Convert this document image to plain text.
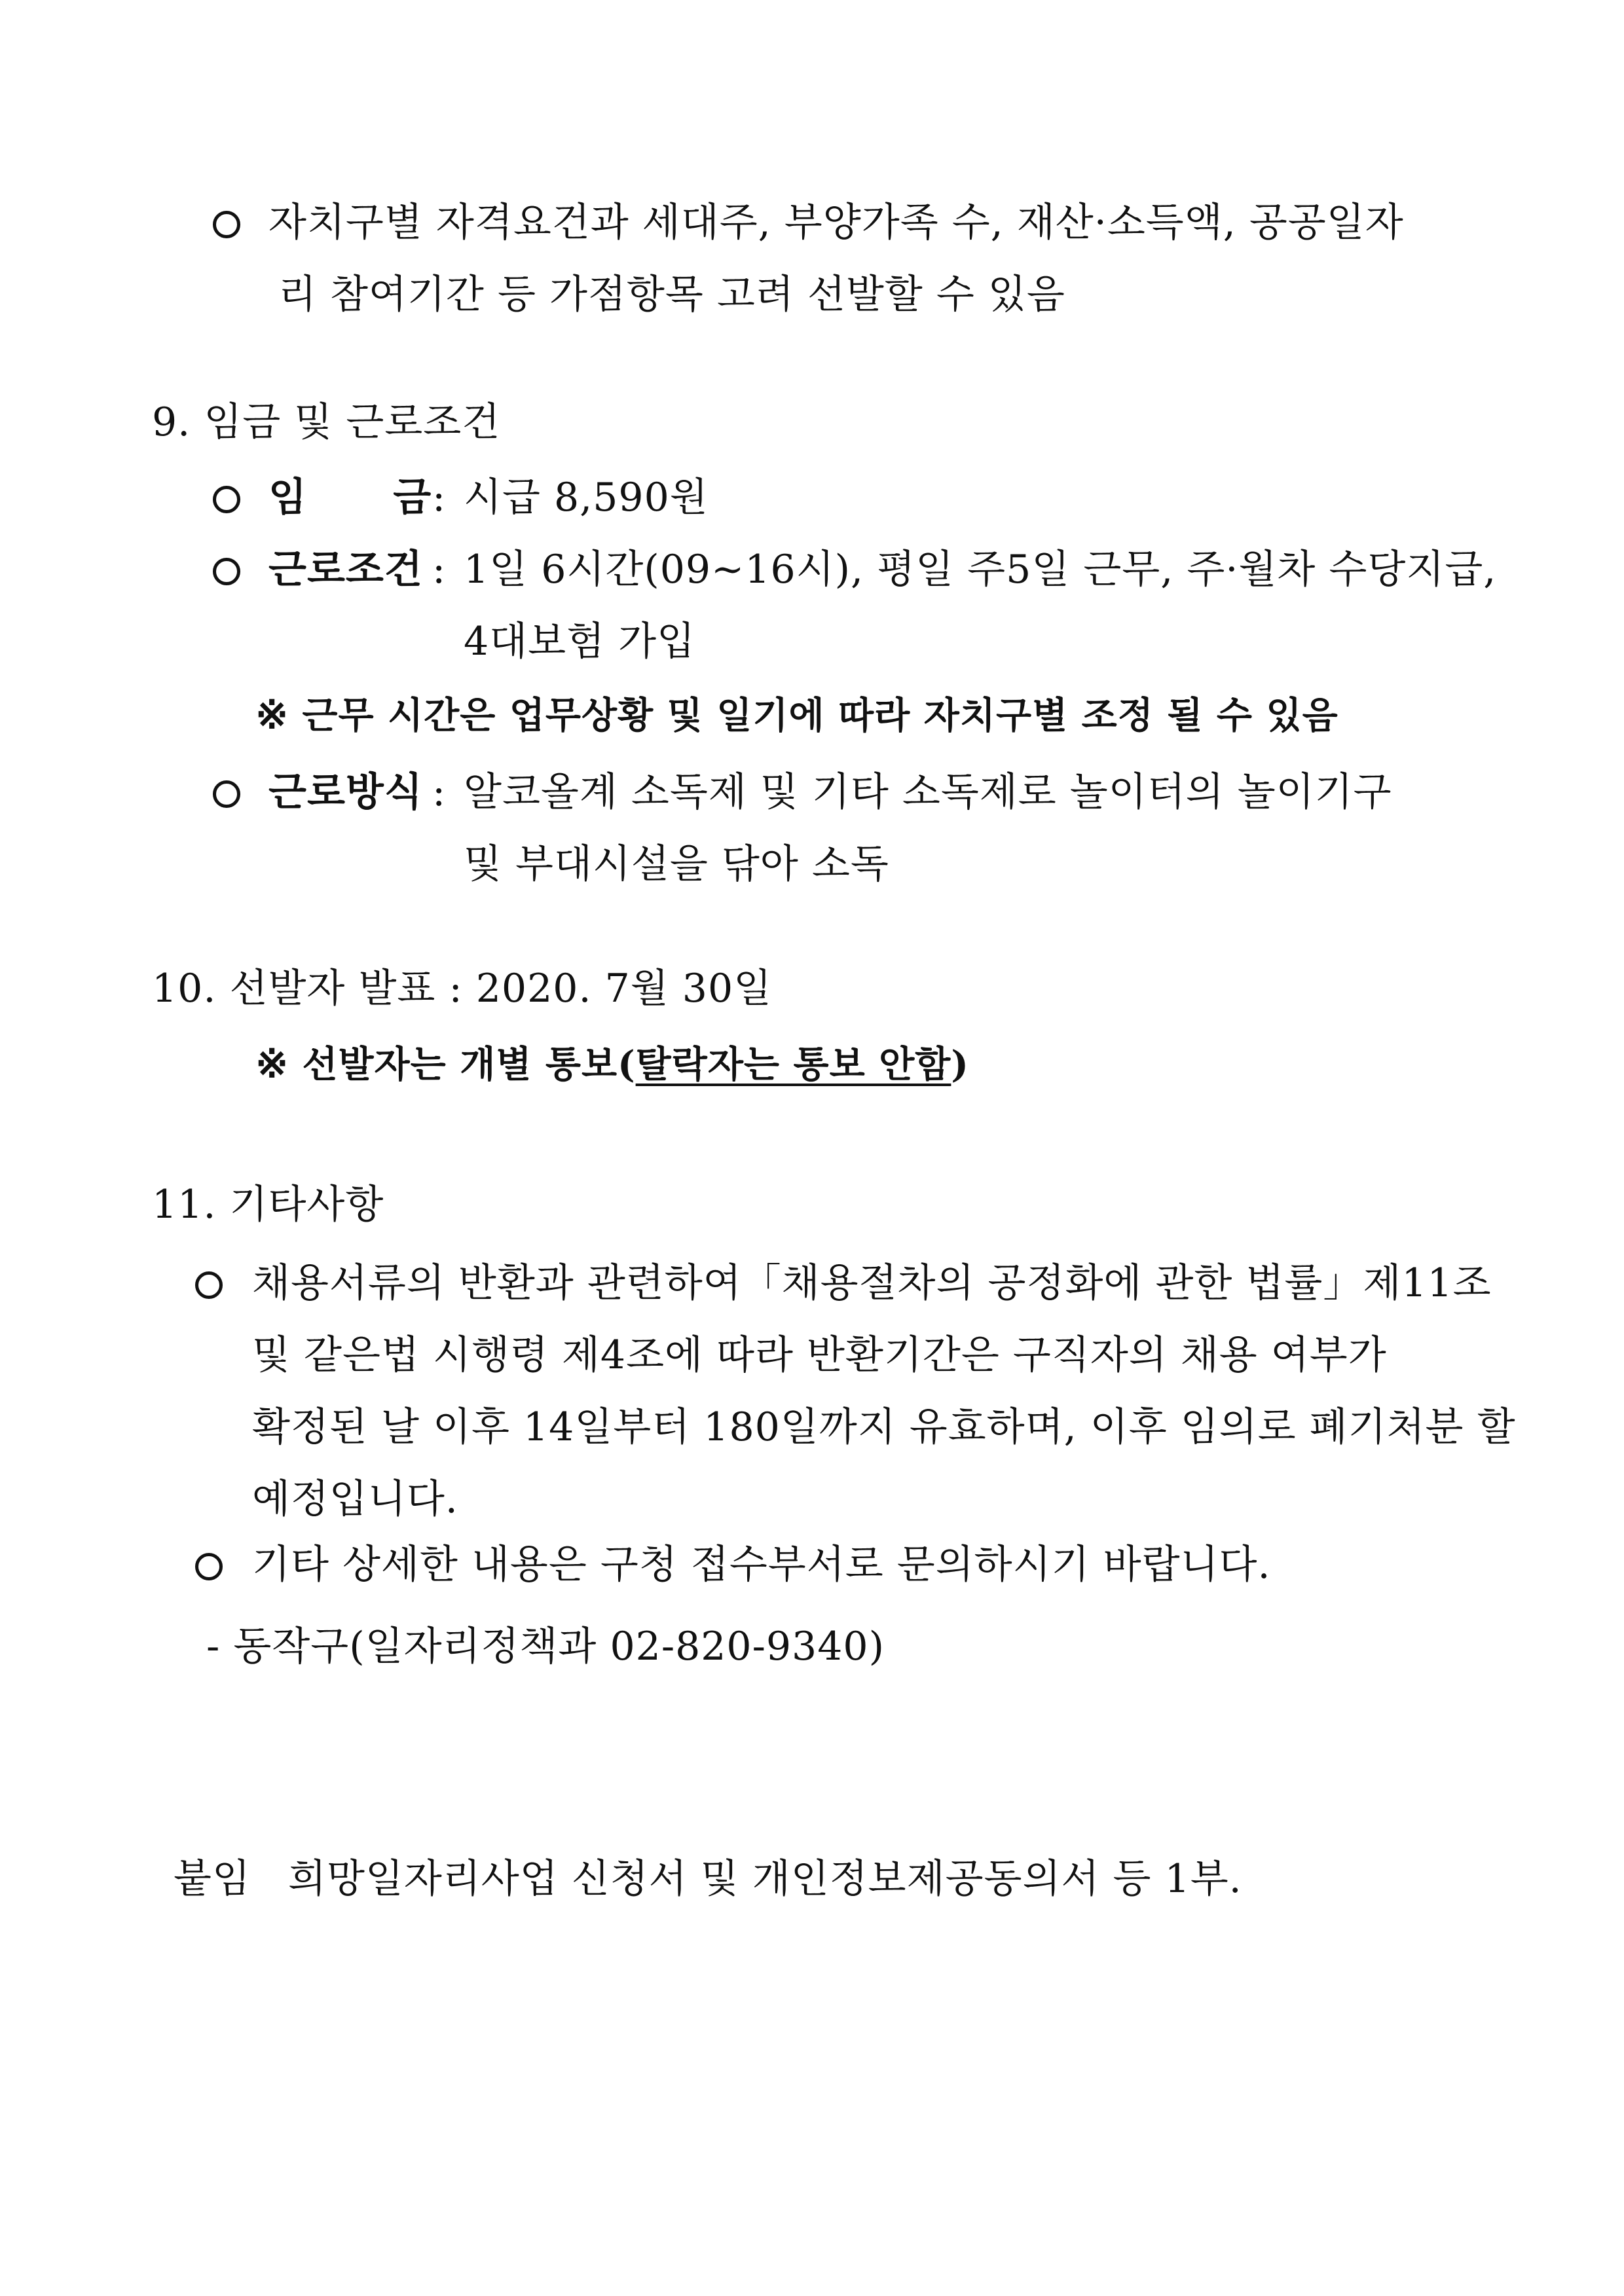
자치구별 자격요건과 세대주, 부양가족 수, 재산·소득액, 공공일자
리 참여기간 등 가점항목 고려 선발할 수 있음
9. 임금 및 근로조건
임      금 : 시급 8,590원
근로조건 : 1일 6시간(09~16시), 평일 주5일 근무, 주·월차 수당지급,
4대보험 가입
※ 근무 시간은 업무상황 및 일기에 따라 자치구별 조정 될 수 있음
근로방식 : 알코올계 소독제 및 기타 소독제로 놀이터의 놀이기구
및 부대시설을 닦아 소독
10. 선발자 발표 : 2020. 7월 30일
※ 선발자는 개별 통보(탈락자는 통보 안함)
11. 기타사항
채용서류의 반환과 관련하여「채용절차의 공정화에 관한 법률」제11조
및 같은법 시행령 제4조에 따라 반환기간은 구직자의 채용 여부가
확정된 날 이후 14일부터 180일까지 유효하며, 이후 임의로 폐기처분 할
예정입니다.
기타 상세한 내용은 구청 접수부서로 문의하시기 바랍니다.
- 동작구(일자리정책과 02-820-9340)
붙임 희망일자리사업 신청서 및 개인정보제공동의서 등 1부.
